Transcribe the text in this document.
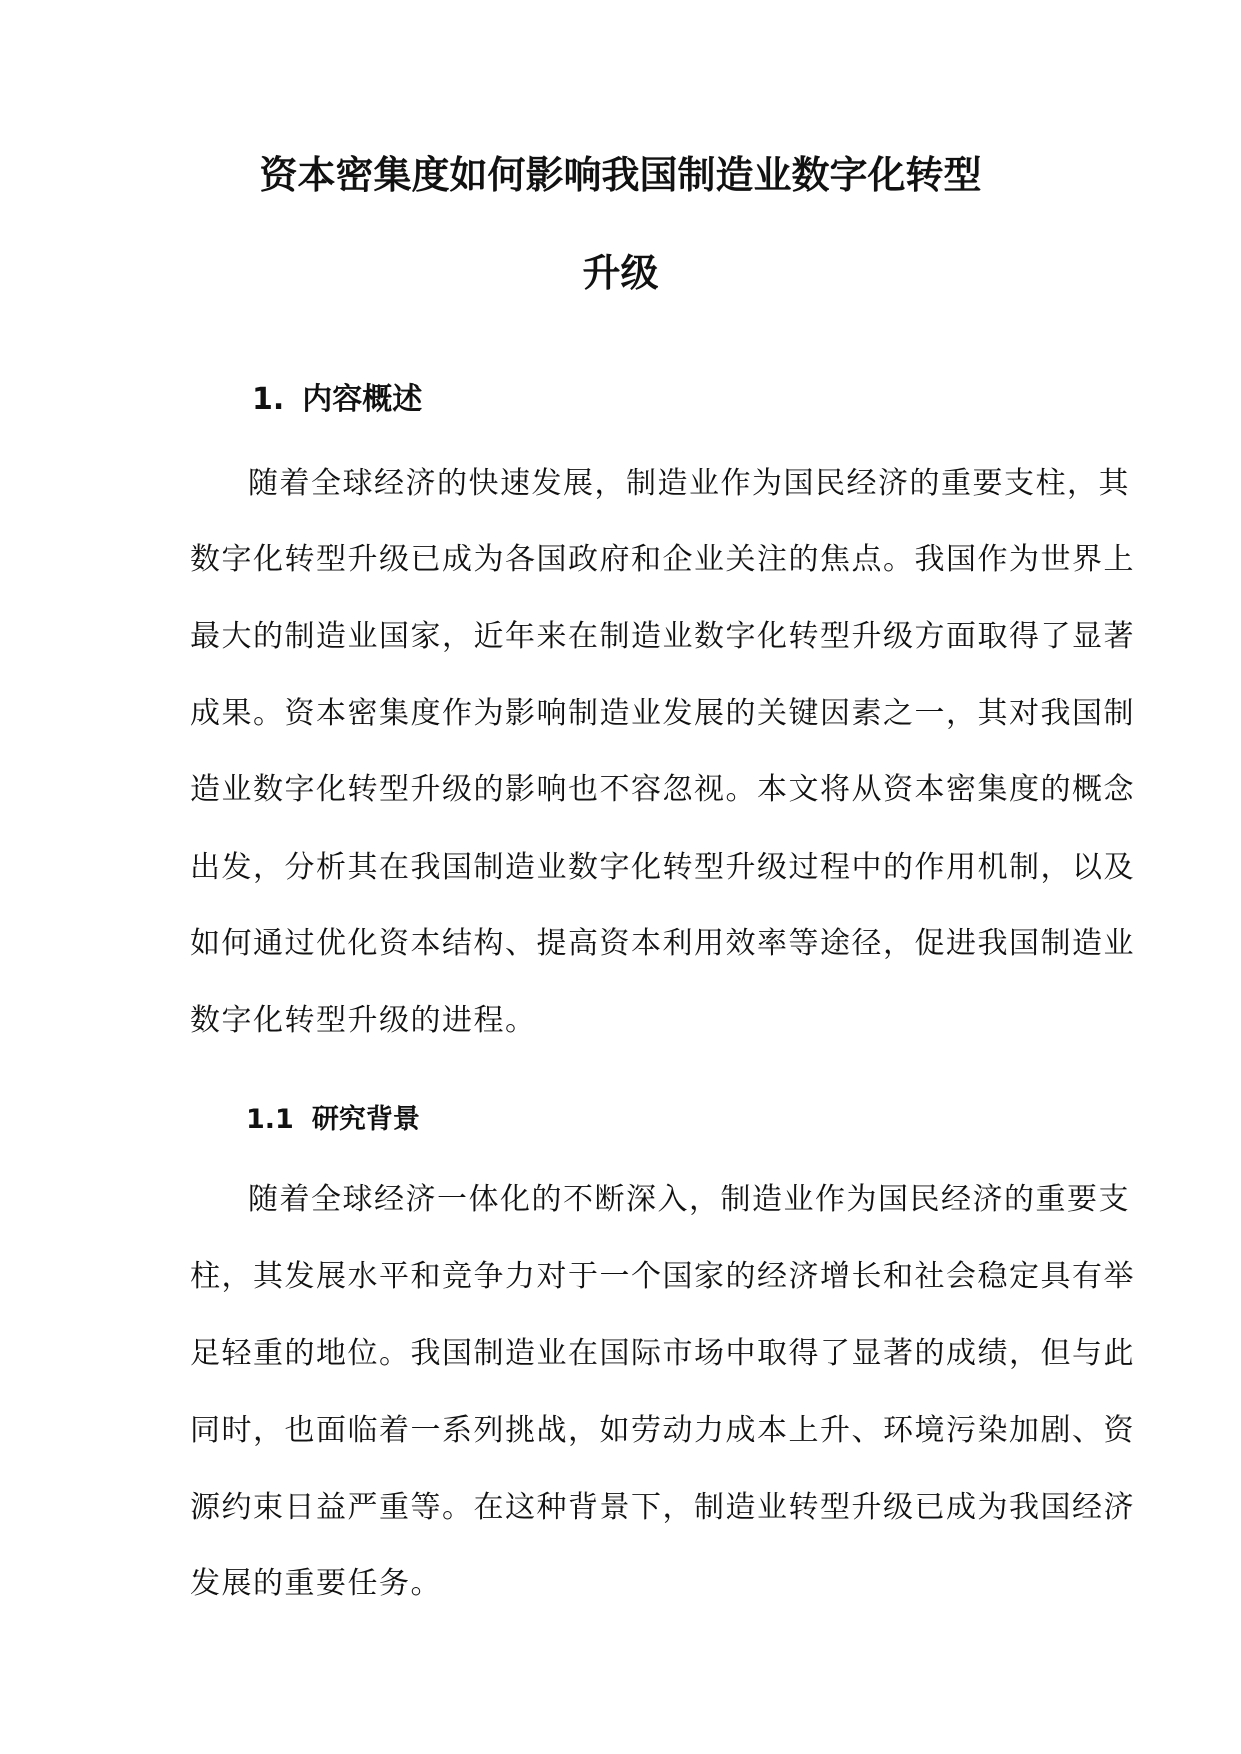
资本密集度如何影响我国制造业数字化转型
升级
1. 内容概述

随着全球经济的快速发展，制造业作为国民经济的重要支柱，其

数字化转型升级已成为各国政府和企业关注的焦点。我国作为世界上

最大的制造业国家，近年来在制造业数字化转型升级方面取得了显著

成果。资本密集度作为影响制造业发展的关键因素之一，其对我国制

造业数字化转型升级的影响也不容忽视。本文将从资本密集度的概念

出发，分析其在我国制造业数字化转型升级过程中的作用机制，以及

如何通过优化资本结构、提高资本利用效率等途径，促进我国制造业

数字化转型升级的进程。

1.1 研究背景

随着全球经济一体化的不断深入，制造业作为国民经济的重要支

柱，其发展水平和竞争力对于一个国家的经济增长和社会稳定具有举

足轻重的地位。我国制造业在国际市场中取得了显著的成绩，但与此

同时，也面临着一系列挑战，如劳动力成本上升、环境污染加剧、资

源约束日益严重等。在这种背景下，制造业转型升级已成为我国经济

发展的重要任务。
